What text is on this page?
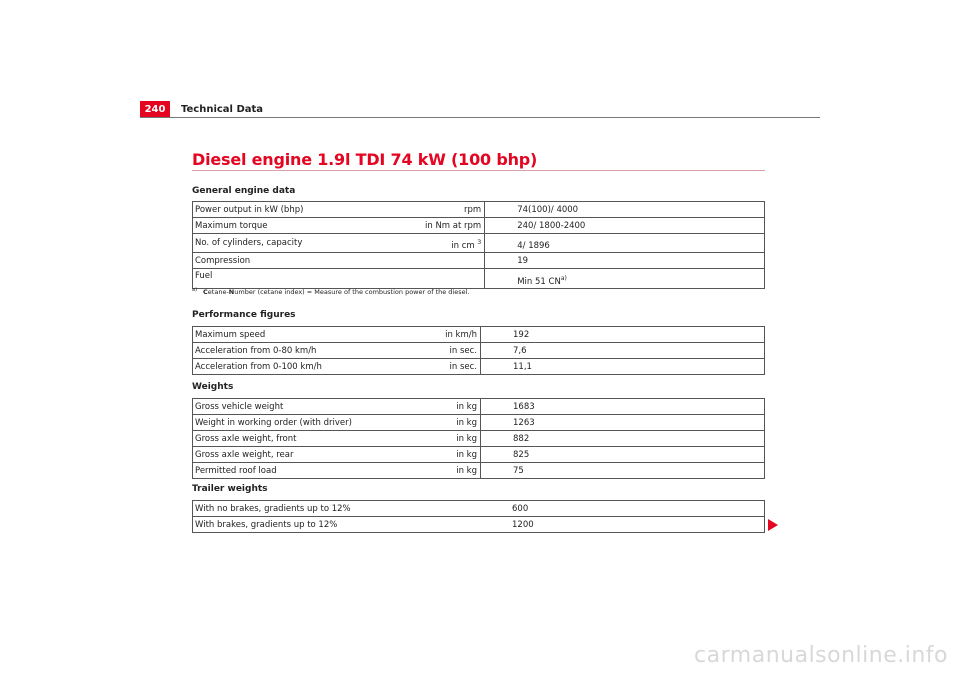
240	Technical Data
Diesel engine 1.9l TDI 74 kW (100 bhp)
General engine data
Power output in kW (bhp)	rpm	74(100)/ 4000
Maximum torque	in Nm at rpm	240/ 1800-2400
No. of cylinders, capacity	in cm $^3$	4/ 1896
Compression		19
Fuel		Min 51 CN$^{a)}$
$^{a)}$ Cetane-Number (cetane index) = Measure of the combustion power of the diesel.
Performance figures
Maximum speed	in km/h	192
Acceleration from 0-80 km/h	in sec.	7,6
Acceleration from 0-100 km/h	in sec.	11,1
Weights
Gross vehicle weight	in kg	1683
Weight in working order (with driver)	in kg	1263
Gross axle weight, front	in kg	882
Gross axle weight, rear	in kg	825
Permitted roof load	in kg	75
Trailer weights
With no brakes, gradients up to 12%		600
With brakes, gradients up to 12%		1200
carmanualsonline.info
